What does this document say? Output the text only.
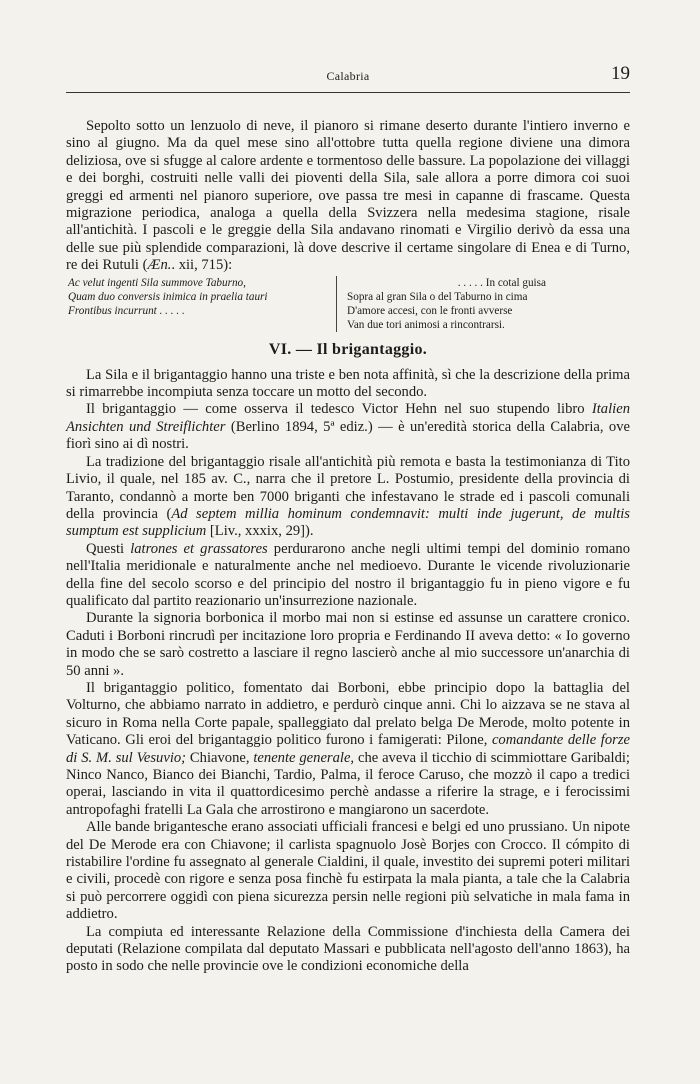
Calabria	19

Sepolto sotto un lenzuolo di neve, il pianoro si rimane deserto durante l'intiero inverno e sino al giugno. Ma da quel mese sino all'ottobre tutta quella regione diviene una dimora deliziosa, ove si sfugge al calore ardente e tormentoso delle bassure. La popolazione dei villaggi e dei borghi, costruiti nelle valli dei pioventi della Sila, sale allora a porre dimora coi suoi greggi ed armenti nel pianoro superiore, ove passa tre mesi in capanne di frascame. Questa migrazione periodica, analoga a quella della Svizzera nella medesima stagione, risale all'antichità. I pascoli e le greggie della Sila andavano rinomati e Virgilio derivò da essa una delle sue più splendide comparazioni, là dove descrive il certame singolare di Enea e di Turno, re dei Rutuli (Æn.. xii, 715):

Ac velut ingenti Sila summove Taburno,
Quam duo conversis inimica in praelia tauri
Frontibus incurrunt . . . . .
. . . . . In cotal guisa
Sopra al gran Sila o del Taburno in cima
D'amore accesi, con le fronti avverse
Van due tori animosi a rincontrarsi.
VI. — Il brigantaggio.

La Sila e il brigantaggio hanno una triste e ben nota affinità, sì che la descrizione della prima si rimarrebbe incompiuta senza toccare un motto del secondo.

Il brigantaggio — come osserva il tedesco Victor Hehn nel suo stupendo libro Italien Ansichten und Streiflichter (Berlino 1894, 5ª ediz.) — è un'eredità storica della Calabria, ove fiorì sino ai dì nostri.

La tradizione del brigantaggio risale all'antichità più remota e basta la testimonianza di Tito Livio, il quale, nel 185 av. C., narra che il pretore L. Postumio, presidente della provincia di Taranto, condannò a morte ben 7000 briganti che infestavano le strade ed i pascoli comunali della provincia (Ad septem millia hominum condemnavit: multi inde jugerunt, de multis sumptum est supplicium [Liv., xxxix, 29]).

Questi latrones et grassatores perdurarono anche negli ultimi tempi del dominio romano nell'Italia meridionale e naturalmente anche nel medioevo. Durante le vicende rivoluzionarie della fine del secolo scorso e del principio del nostro il brigantaggio fu in pieno vigore e fu qualificato dal partito reazionario un'insurrezione nazionale.

Durante la signoria borbonica il morbo mai non si estinse ed assunse un carattere cronico. Caduti i Borboni rincrudì per incitazione loro propria e Ferdinando II aveva detto: « Io governo in modo che se sarò costretto a lasciare il regno lascierò anche al mio successore un'anarchia di 50 anni ».

Il brigantaggio politico, fomentato dai Borboni, ebbe principio dopo la battaglia del Volturno, che abbiamo narrato in addietro, e perdurò cinque anni. Chi lo aizzava se ne stava al sicuro in Roma nella Corte papale, spalleggiato dal prelato belga De Merode, molto potente in Vaticano. Gli eroi del brigantaggio politico furono i famigerati: Pilone, comandante delle forze di S. M. sul Vesuvio; Chiavone, tenente generale, che aveva il ticchio di scimmiottare Garibaldi; Ninco Nanco, Bianco dei Bianchi, Tardio, Palma, il feroce Caruso, che mozzò il capo a tredici operai, lasciando in vita il quattordicesimo perchè andasse a riferire la strage, e i ferocissimi antropofaghi fratelli La Gala che arrostirono e mangiarono un sacerdote.

Alle bande brigantesche erano associati ufficiali francesi e belgi ed uno prussiano. Un nipote del De Merode era con Chiavone; il carlista spagnuolo Josè Borjes con Crocco. Il cómpito di ristabilire l'ordine fu assegnato al generale Cialdini, il quale, investito dei supremi poteri militari e civili, procedè con rigore e senza posa finchè fu estirpata la mala pianta, a tale che la Calabria si può percorrere oggidì con piena sicurezza persin nelle regioni più selvatiche in mala fama in addietro.

La compiuta ed interessante Relazione della Commissione d'inchiesta della Camera dei deputati (Relazione compilata dal deputato Massari e pubblicata nell'agosto dell'anno 1863), ha posto in sodo che nelle provincie ove le condizioni economiche della
